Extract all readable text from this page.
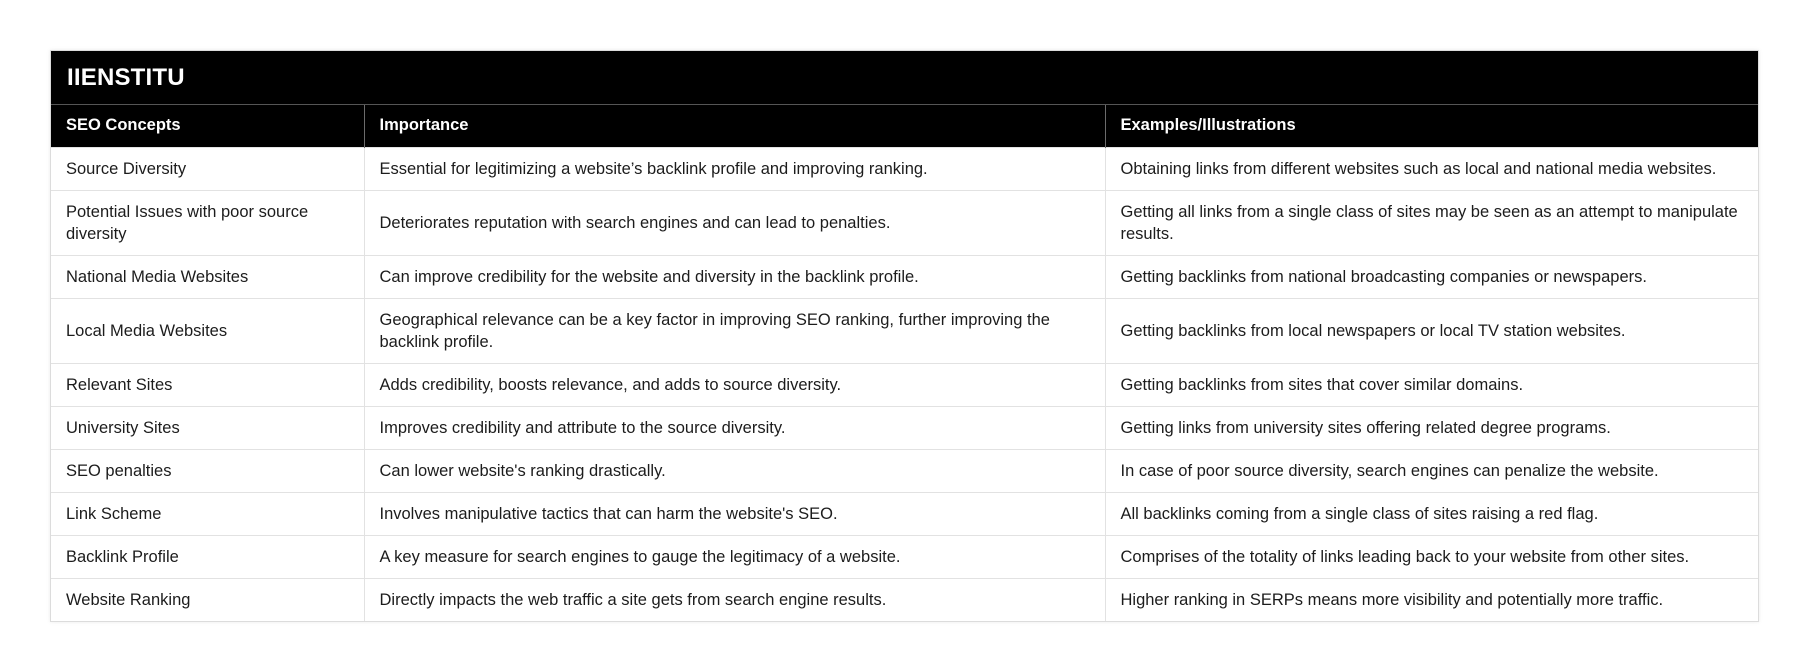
IIENSTITU
SEO Concepts	Importance	Examples/Illustrations
Source Diversity	Essential for legitimizing a website’s backlink profile and improving ranking.	Obtaining links from different websites such as local and national media websites.
Potential Issues with poor source diversity	Deteriorates reputation with search engines and can lead to penalties.	Getting all links from a single class of sites may be seen as an attempt to manipulate results.
National Media Websites	Can improve credibility for the website and diversity in the backlink profile.	Getting backlinks from national broadcasting companies or newspapers.
Local Media Websites	Geographical relevance can be a key factor in improving SEO ranking, further improving the backlink profile.	Getting backlinks from local newspapers or local TV station websites.
Relevant Sites	Adds credibility, boosts relevance, and adds to source diversity.	Getting backlinks from sites that cover similar domains.
University Sites	Improves credibility and attribute to the source diversity.	Getting links from university sites offering related degree programs.
SEO penalties	Can lower website's ranking drastically.	In case of poor source diversity, search engines can penalize the website.
Link Scheme	Involves manipulative tactics that can harm the website's SEO.	All backlinks coming from a single class of sites raising a red flag.
Backlink Profile	A key measure for search engines to gauge the legitimacy of a website.	Comprises of the totality of links leading back to your website from other sites.
Website Ranking	Directly impacts the web traffic a site gets from search engine results.	Higher ranking in SERPs means more visibility and potentially more traffic.
